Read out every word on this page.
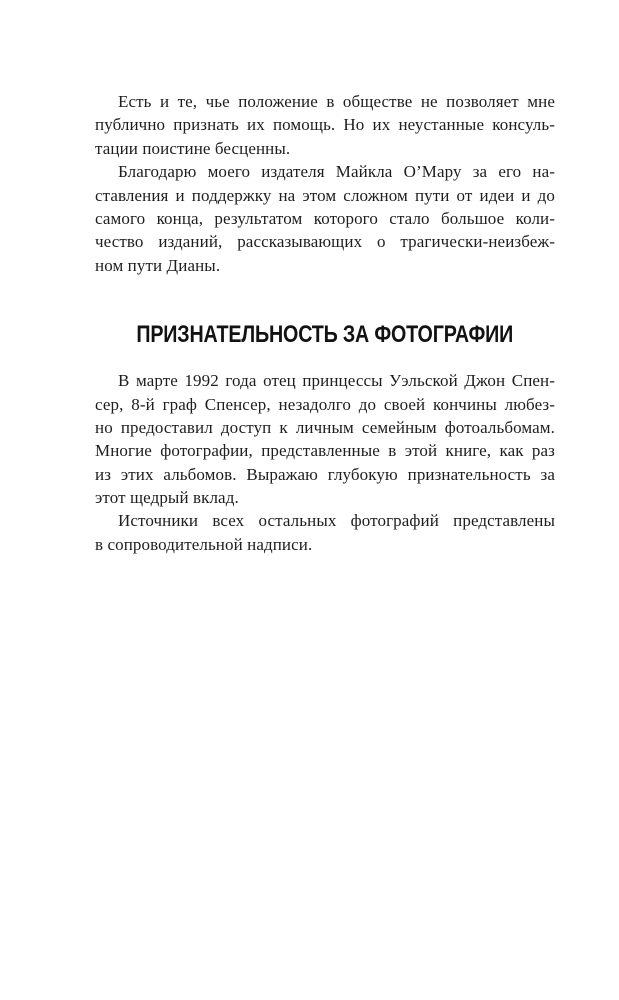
Есть и те, чье положение в обществе не позволяет мне
публично признать их помощь. Но их неустанные консуль-
тации поистине бесценны.
Благодарю моего издателя Майкла О’Мару за его на-
ставления и поддержку на этом сложном пути от идеи и до
самого конца, результатом которого стало большое коли-
чество изданий, рассказывающих о трагически-неизбеж-
ном пути Дианы.
ПРИЗНАТЕЛЬНОСТЬ ЗА ФОТОГРАФИИ
В марте 1992 года отец принцессы Уэльской Джон Спен-
сер, 8-й граф Спенсер, незадолго до своей кончины любез-
но предоставил доступ к личным семейным фотоальбомам.
Многие фотографии, представленные в этой книге, как раз
из этих альбомов. Выражаю глубокую признательность за
этот щедрый вклад.
Источники всех остальных фотографий представлены
в сопроводительной надписи.
